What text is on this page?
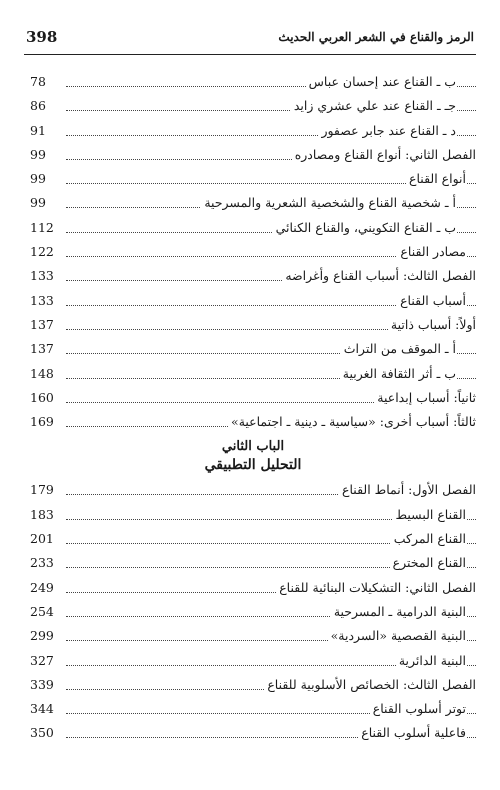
398	الرمز والقناع في الشعر العربي الحديث
ب ـ القناع عند إحسان عباس
78
جـ ـ القناع عند علي عشري زايد
86
د ـ القناع عند جابر عصفور
91
الفصل الثاني: أنواع القناع ومصادره
99
أنواع القناع
99
أ ـ شخصية القناع والشخصية الشعرية والمسرحية
99
ب ـ القناع التكويني، والقناع الكنائي
112
مصادر القناع
122
الفصل الثالث: أسباب القناع وأغراضه
133
أسباب القناع
133
أولاً: أسباب ذاتية
137
أ ـ الموقف من التراث
137
ب ـ أثر الثقافة الغربية
148
ثانياً: أسباب إبداعية
160
ثالثاً: أسباب أخرى: «سياسية ـ دينية ـ اجتماعية»
169
الباب الثاني
التحليل التطبيقي
الفصل الأول: أنماط القناع
179
القناع البسيط
183
القناع المركب
201
القناع المخترع
233
الفصل الثاني: التشكيلات البنائية للقناع
249
البنية الدرامية ـ المسرحية
254
البنية القصصية «السردية»
299
البنية الدائرية
327
الفصل الثالث: الخصائص الأسلوبية للقناع
339
توتر أسلوب القناع
344
فاعلية أسلوب القناع
350
